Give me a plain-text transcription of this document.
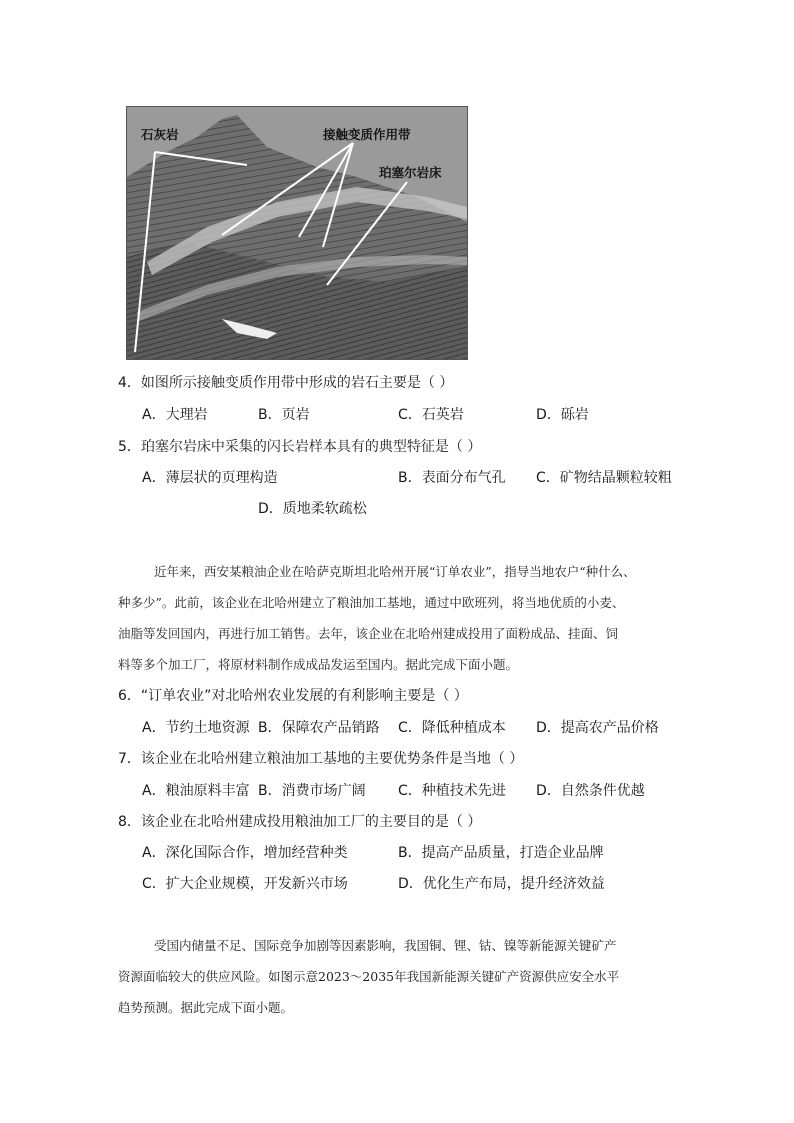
石灰岩	接触变质作用带
珀塞尔岩床
4．如图所示接触变质作用带中形成的岩石主要是（ ）
A．大理岩	B．页岩	C．石英岩	D．砾岩
5．珀塞尔岩床中采集的闪长岩样本具有的典型特征是（ ）
A．薄层状的页理构造	B．表面分布气孔 C．矿物结晶颗粒较粗
D．质地柔软疏松

近年来，西安某粮油企业在哈萨克斯坦北哈州开展“订单农业”，指导当地农户“种什么、

种多少”。此前，该企业在北哈州建立了粮油加工基地，通过中欧班列，将当地优质的小麦、

油脂等发回国内，再进行加工销售。去年，该企业在北哈州建成投用了面粉成品、挂面、饲

料等多个加工厂，将原材料制作成成品发运至国内。据此完成下面小题。

6．“订单农业”对北哈州农业发展的有利影响主要是（ ）
A．节约土地资源 B．保障农产品销路 C．降低种植成本 D．提高农产品价格
7．该企业在北哈州建立粮油加工基地的主要优势条件是当地（ ）
A．粮油原料丰富 B．消费市场广阔 C．种植技术先进 D．自然条件优越
8．该企业在北哈州建成投用粮油加工厂的主要目的是（ ）
A．深化国际合作，增加经营种类	B．提高产品质量，打造企业品牌
C．扩大企业规模，开发新兴市场	D．优化生产布局，提升经济效益

受国内储量不足、国际竞争加剧等因素影响，我国铜、锂、钴、镍等新能源关键矿产

资源面临较大的供应风险。如图示意2023～2035年我国新能源关键矿产资源供应安全水平

趋势预测。据此完成下面小题。
